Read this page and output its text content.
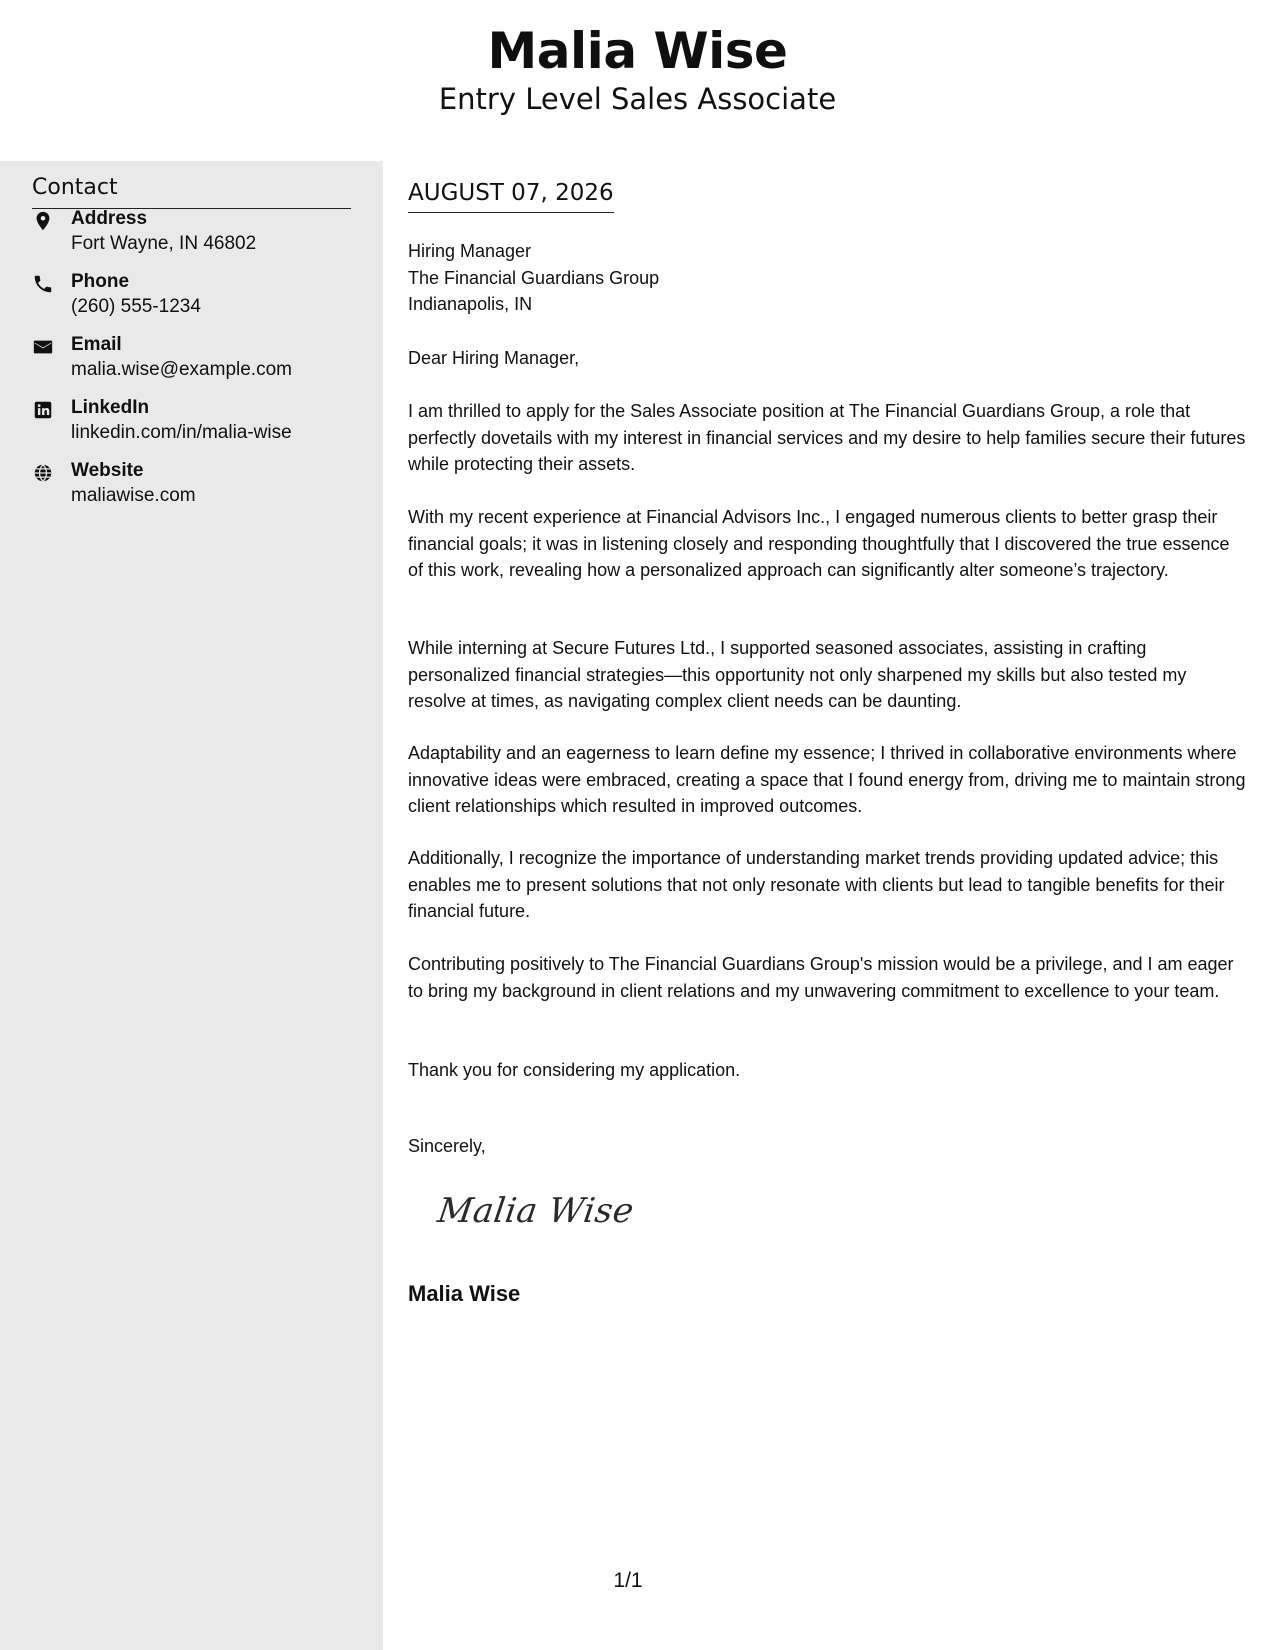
Malia Wise
Entry Level Sales Associate
Contact
Address
Fort Wayne, IN 46802
Phone
(260) 555-1234
Email
malia.wise@example.com
LinkedIn
linkedin.com/in/malia-wise
Website
maliawise.com
AUGUST 07, 2026
Hiring Manager
The Financial Guardians Group
Indianapolis, IN
Dear Hiring Manager,

I am thrilled to apply for the Sales Associate position at The Financial Guardians Group, a role that perfectly dovetails with my interest in financial services and my desire to help families secure their futures while protecting their assets.

With my recent experience at Financial Advisors Inc., I engaged numerous clients to better grasp their financial goals; it was in listening closely and responding thoughtfully that I discovered the true essence of this work, revealing how a personalized approach can significantly alter someone’s trajectory.

While interning at Secure Futures Ltd., I supported seasoned associates, assisting in crafting personalized financial strategies—this opportunity not only sharpened my skills but also tested my resolve at times, as navigating complex client needs can be daunting.

Adaptability and an eagerness to learn define my essence; I thrived in collaborative environments where innovative ideas were embraced, creating a space that I found energy from, driving me to maintain strong client relationships which resulted in improved outcomes.

Additionally, I recognize the importance of understanding market trends providing updated advice; this enables me to present solutions that not only resonate with clients but lead to tangible benefits for their financial future.

Contributing positively to The Financial Guardians Group's mission would be a privilege, and I am eager to bring my background in client relations and my unwavering commitment to excellence to your team.

Thank you for considering my application.

Sincerely,
Malia Wise
Malia Wise
1/1
